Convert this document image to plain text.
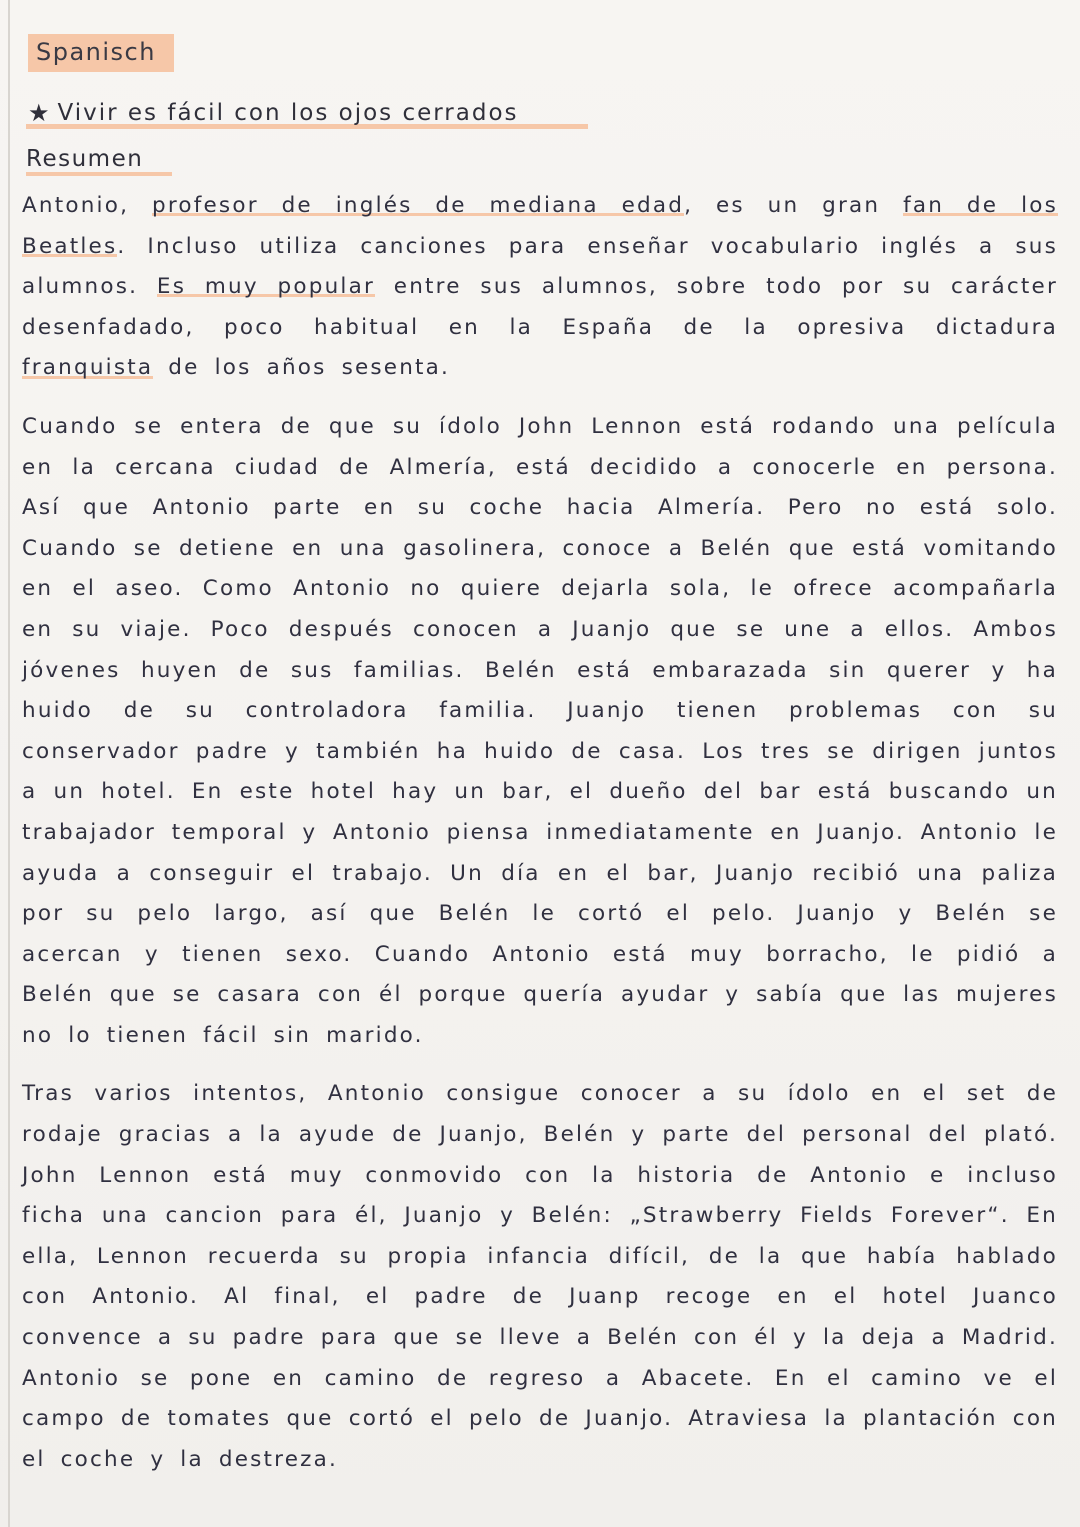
Spanisch
★ Vivir es fácil con los ojos cerrados
Resumen

Antonio, profesor de inglés de mediana edad, es un gran fan de los Beatles. Incluso utiliza canciones para enseñar vocabulario inglés a sus alumnos. Es muy popular entre sus alumnos, sobre todo por su carácter desenfadado, poco habitual en la España de la opresiva dictadura franquista de los años sesenta.

Cuando se entera de que su ídolo John Lennon está rodando una película en la cercana ciudad de Almería, está decidido a conocerle en persona. Así que Antonio parte en su coche hacia Almería. Pero no está solo. Cuando se detiene en una gasolinera, conoce a Belén que está vomitando en el aseo. Como Antonio no quiere dejarla sola, le ofrece acompañarla en su viaje. Poco después conocen a Juanjo que se une a ellos. Ambos jóvenes huyen de sus familias. Belén está embarazada sin querer y ha huido de su controladora familia. Juanjo tienen problemas con su conservador padre y también ha huido de casa. Los tres se dirigen juntos a un hotel. En este hotel hay un bar, el dueño del bar está buscando un trabajador temporal y Antonio piensa inmediatamente en Juanjo. Antonio le ayuda a conseguir el trabajo. Un día en el bar, Juanjo recibió una paliza por su pelo largo, así que Belén le cortó el pelo. Juanjo y Belén se acercan y tienen sexo. Cuando Antonio está muy borracho, le pidió a Belén que se casara con él porque quería ayudar y sabía que las mujeres no lo tienen fácil sin marido.

Tras varios intentos, Antonio consigue conocer a su ídolo en el set de rodaje gracias a la ayude de Juanjo, Belén y parte del personal del plató. John Lennon está muy conmovido con la historia de Antonio e incluso ficha una cancion para él, Juanjo y Belén: „Strawberry Fields Forever“. En ella, Lennon recuerda su propia infancia difícil, de la que había hablado con Antonio. Al final, el padre de Juanp recoge en el hotel Juanco convence a su padre para que se lleve a Belén con él y la deja a Madrid. Antonio se pone en camino de regreso a Abacete. En el camino ve el campo de tomates que cortó el pelo de Juanjo. Atraviesa la plantación con el coche y la destreza.
